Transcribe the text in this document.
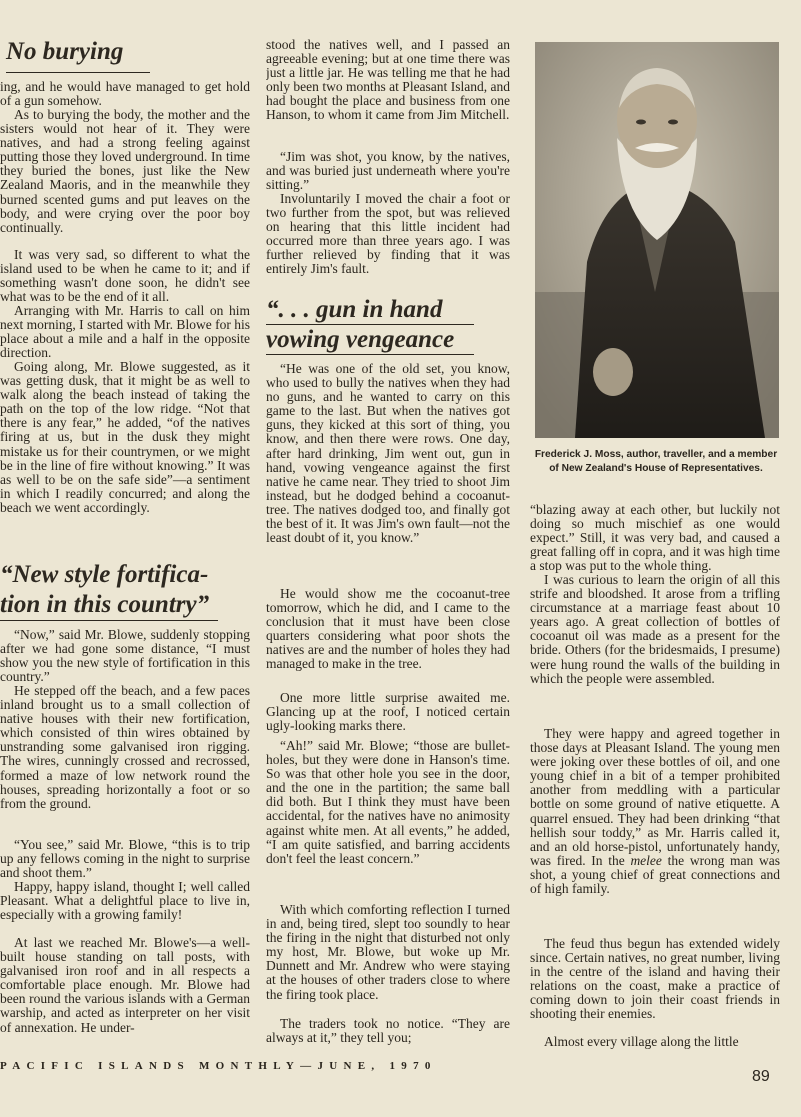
No burying

ing, and he would have managed to get hold of a gun somehow.

As to burying the body, the mother and the sisters would not hear of it. They were natives, and had a strong feeling against putting those they loved underground. In time they buried the bones, just like the New Zealand Maoris, and in the meanwhile they burned scented gums and put leaves on the body, and were crying over the poor boy continually.

It was very sad, so different to what the island used to be when he came to it; and if something wasn't done soon, he didn't see what was to be the end of it all.

Arranging with Mr. Harris to call on him next morning, I started with Mr. Blowe for his place about a mile and a half in the opposite direction.

Going along, Mr. Blowe suggested, as it was getting dusk, that it might be as well to walk along the beach instead of taking the path on the top of the low ridge. “Not that there is any fear,” he added, “of the natives firing at us, but in the dusk they might mistake us for their countrymen, or we might be in the line of fire without knowing.” It was as well to be on the safe side”—a sentiment in which I readily concurred; and along the beach we went accordingly.

“New style fortifica-
tion in this country”

“Now,” said Mr. Blowe, suddenly stopping after we had gone some distance, “I must show you the new style of fortification in this country.”

He stepped off the beach, and a few paces inland brought us to a small collection of native houses with their new fortification, which consisted of thin wires obtained by unstranding some galvanised iron rigging. The wires, cunningly crossed and recrossed, formed a maze of low network round the houses, spreading horizontally a foot or so from the ground.

“You see,” said Mr. Blowe, “this is to trip up any fellows coming in the night to surprise and shoot them.”

Happy, happy island, thought I; well called Pleasant. What a delightful place to live in, especially with a growing family!

At last we reached Mr. Blowe's—a well-built house standing on tall posts, with galvanised iron roof and in all respects a comfortable place enough. Mr. Blowe had been round the various islands with a German warship, and acted as interpreter on her visit of annexation. He under-

stood the natives well, and I passed an agreeable evening; but at one time there was just a little jar. He was telling me that he had only been two months at Pleasant Island, and had bought the place and business from one Hanson, to whom it came from Jim Mitchell.

“Jim was shot, you know, by the natives, and was buried just underneath where you're sitting.”

Involuntarily I moved the chair a foot or two further from the spot, but was relieved on hearing that this little incident had occurred more than three years ago. I was further relieved by finding that it was entirely Jim's fault.

“. . . gun in hand
vowing vengeance

“He was one of the old set, you know, who used to bully the natives when they had no guns, and he wanted to carry on this game to the last. But when the natives got guns, they kicked at this sort of thing, you know, and then there were rows. One day, after hard drinking, Jim went out, gun in hand, vowing vengeance against the first native he came near. They tried to shoot Jim instead, but he dodged behind a cocoanut-tree. The natives dodged too, and finally got the best of it. It was Jim's own fault—not the least doubt of it, you know.”

He would show me the cocoanut-tree tomorrow, which he did, and I came to the conclusion that it must have been close quarters considering what poor shots the natives are and the number of holes they had managed to make in the tree.

One more little surprise awaited me. Glancing up at the roof, I noticed certain ugly-looking marks there.

“Ah!” said Mr. Blowe; “those are bullet-holes, but they were done in Hanson's time. So was that other hole you see in the door, and the one in the partition; the same ball did both. But I think they must have been accidental, for the natives have no animosity against white men. At all events,” he added, “I am quite satisfied, and barring accidents don't feel the least concern.”

With which comforting reflection I turned in and, being tired, slept too soundly to hear the firing in the night that disturbed not only my host, Mr. Blowe, but woke up Mr. Dunnett and Mr. Andrew who were staying at the houses of other traders close to where the firing took place.

The traders took no notice. “They are always at it,” they tell you;

“blazing away at each other, but luckily not doing so much mischief as one would expect.” Still, it was very bad, and caused a great falling off in copra, and it was high time a stop was put to the whole thing.

I was curious to learn the origin of all this strife and bloodshed. It arose from a trifling circumstance at a marriage feast about 10 years ago. A great collection of bottles of cocoanut oil was made as a present for the bride. Others (for the bridesmaids, I presume) were hung round the walls of the building in which the people were assembled.

They were happy and agreed together in those days at Pleasant Island. The young men were joking over these bottles of oil, and one young chief in a bit of a temper prohibited another from meddling with a particular bottle on some ground of native etiquette. A quarrel ensued. They had been drinking “that hellish sour toddy,” as Mr. Harris called it, and an old horse-pistol, unfortunately handy, was fired. In the melee the wrong man was shot, a young chief of great connections and of high family.

The feud thus begun has extended widely since. Certain natives, no great number, living in the centre of the island and having their relations on the coast, make a practice of coming down to join their coast friends in shooting their enemies.

Almost every village along the little

Frederick J. Moss, author, traveller, and a member of New Zealand's House of Representatives.

PACIFIC ISLANDS MONTHLY—JUNE, 1970
89
